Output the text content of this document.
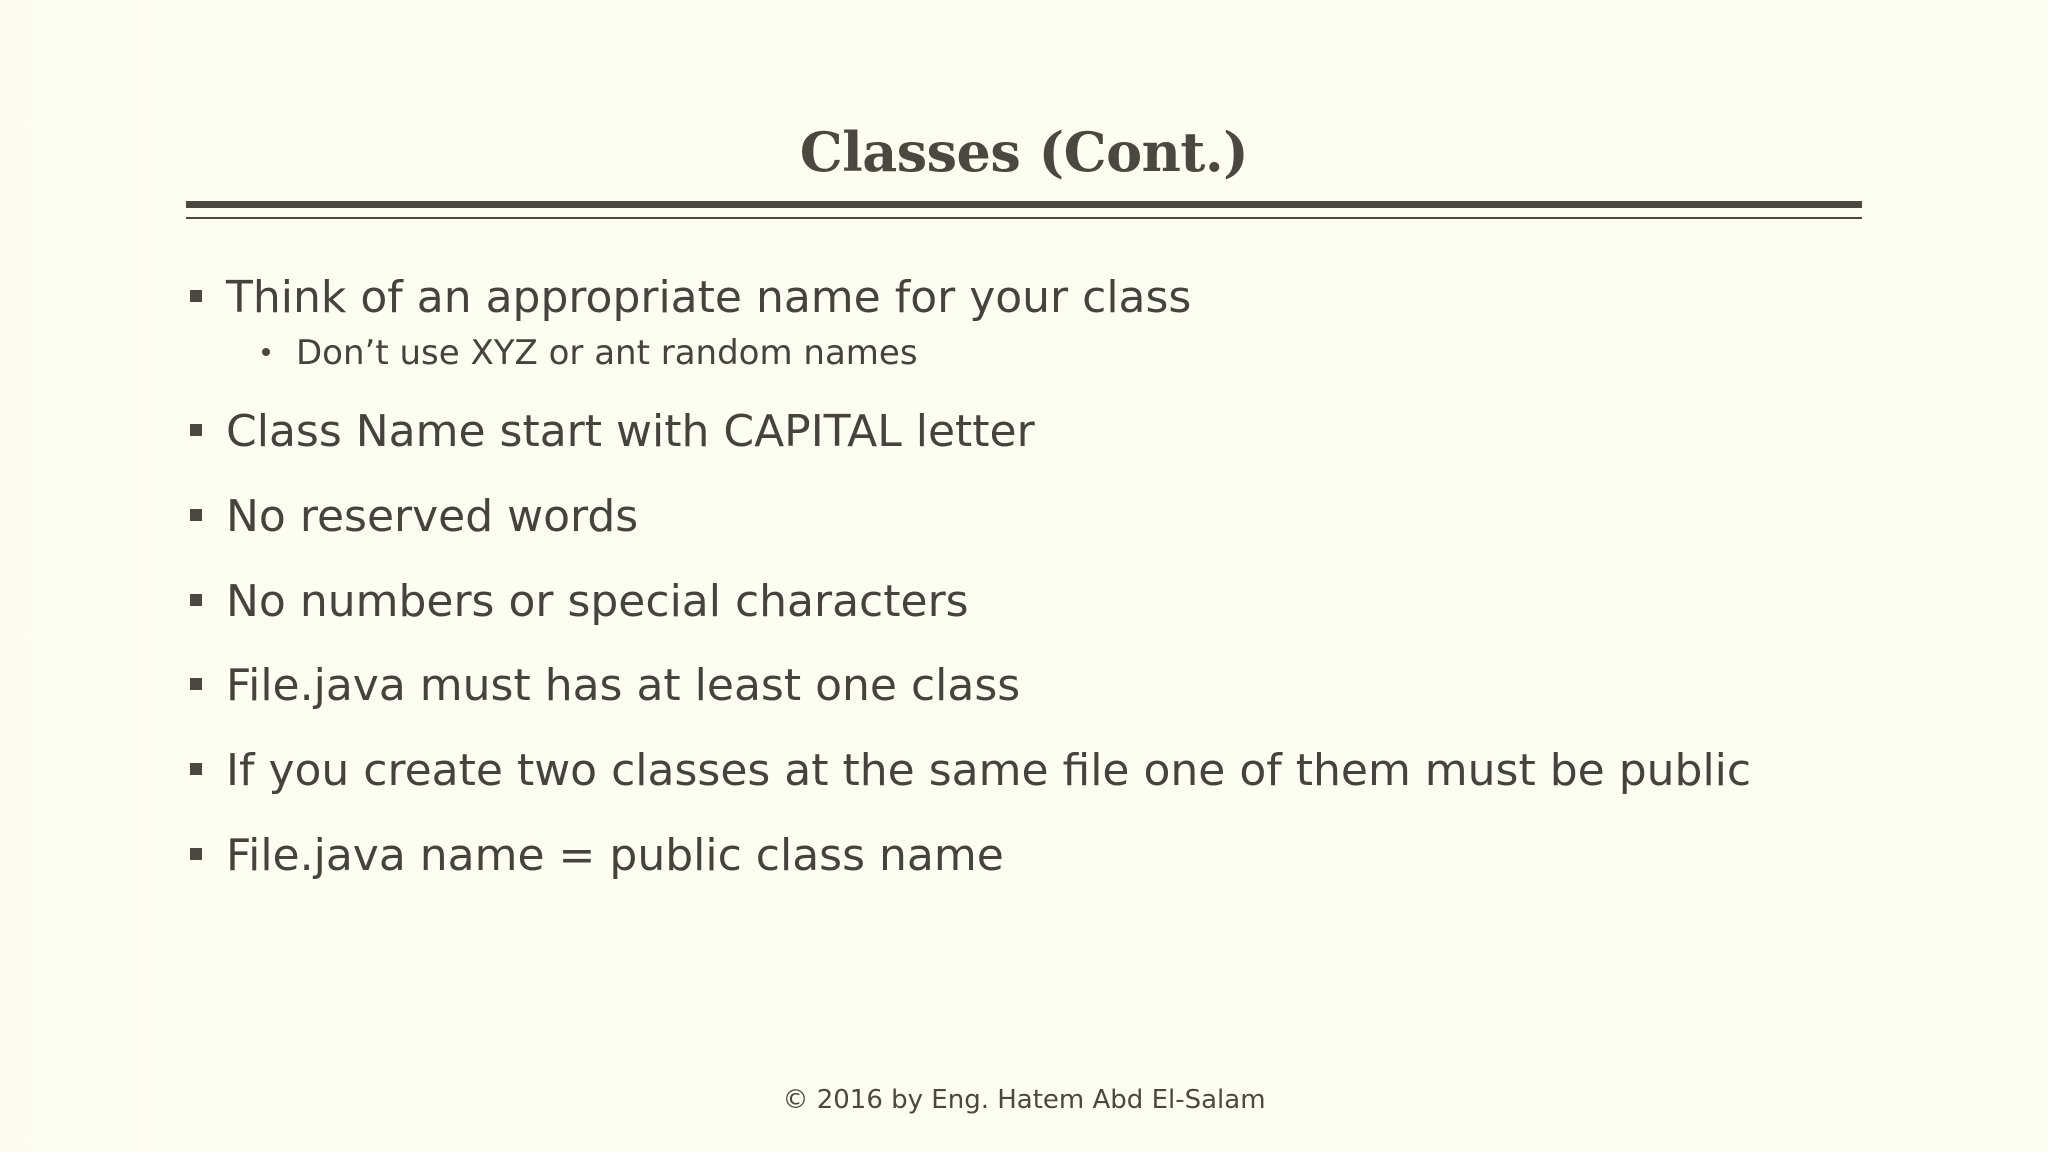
Classes (Cont.)
Think of an appropriate name for your class
Don’t use XYZ or ant random names
Class Name start with CAPITAL letter
No reserved words
No numbers or special characters
File.java must has at least one class
If you create two classes at the same file one of them must be public
File.java name = public class name
© 2016 by Eng. Hatem Abd El-Salam
